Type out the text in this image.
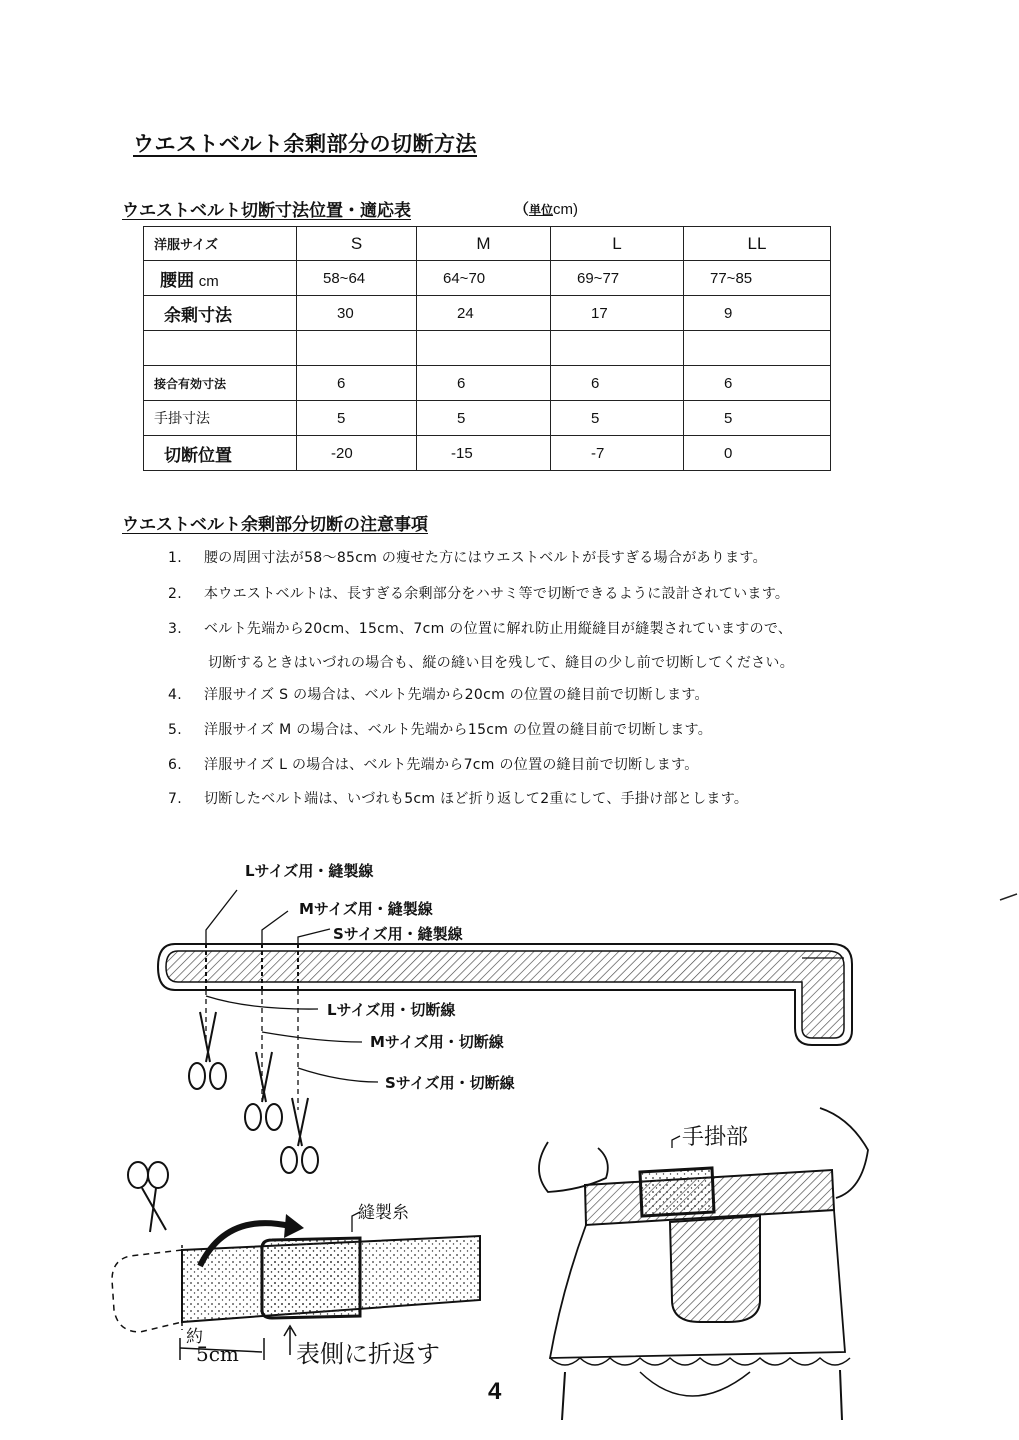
ウエストベルト余剰部分の切断方法
ウエストベルト切断寸法位置・適応表	（単位cm)
洋服サイズ	S	M	L	LL
腰囲 cm	58~64	64~70	69~77	77~85
余剰寸法	30	24	17	9

接合有効寸法	6	6	6	6
手掛寸法	5	5	5	5
切断位置	-20	-15	-7	0
ウエストベルト余剰部分切断の注意事項
1. 腰の周囲寸法が58～85cm の痩せた方にはウエストベルトが長すぎる場合があります。
2. 本ウエストベルトは、長すぎる余剰部分をハサミ等で切断できるように設計されています。
3. ベルト先端から20cm、15cm、7cm の位置に解れ防止用縦縫目が縫製されていますので、
切断するときはいづれの場合も、縦の縫い目を残して、縫目の少し前で切断してください。
4. 洋服サイズ S の場合は、ベルト先端から20cm の位置の縫目前で切断します。
5. 洋服サイズ M の場合は、ベルト先端から15cm の位置の縫目前で切断します。
6. 洋服サイズ L の場合は、ベルト先端から7cm の位置の縫目前で切断します。
7. 切断したベルト端は、いづれも5cm ほど折り返して2重にして、手掛け部とします。
Lサイズ用・縫製線
Mサイズ用・縫製線
Sサイズ用・縫製線
Lサイズ用・切断線
Mサイズ用・切断線
Sサイズ用・切断線
縫製糸
約
5cm 表側に折返す
手掛部
4
